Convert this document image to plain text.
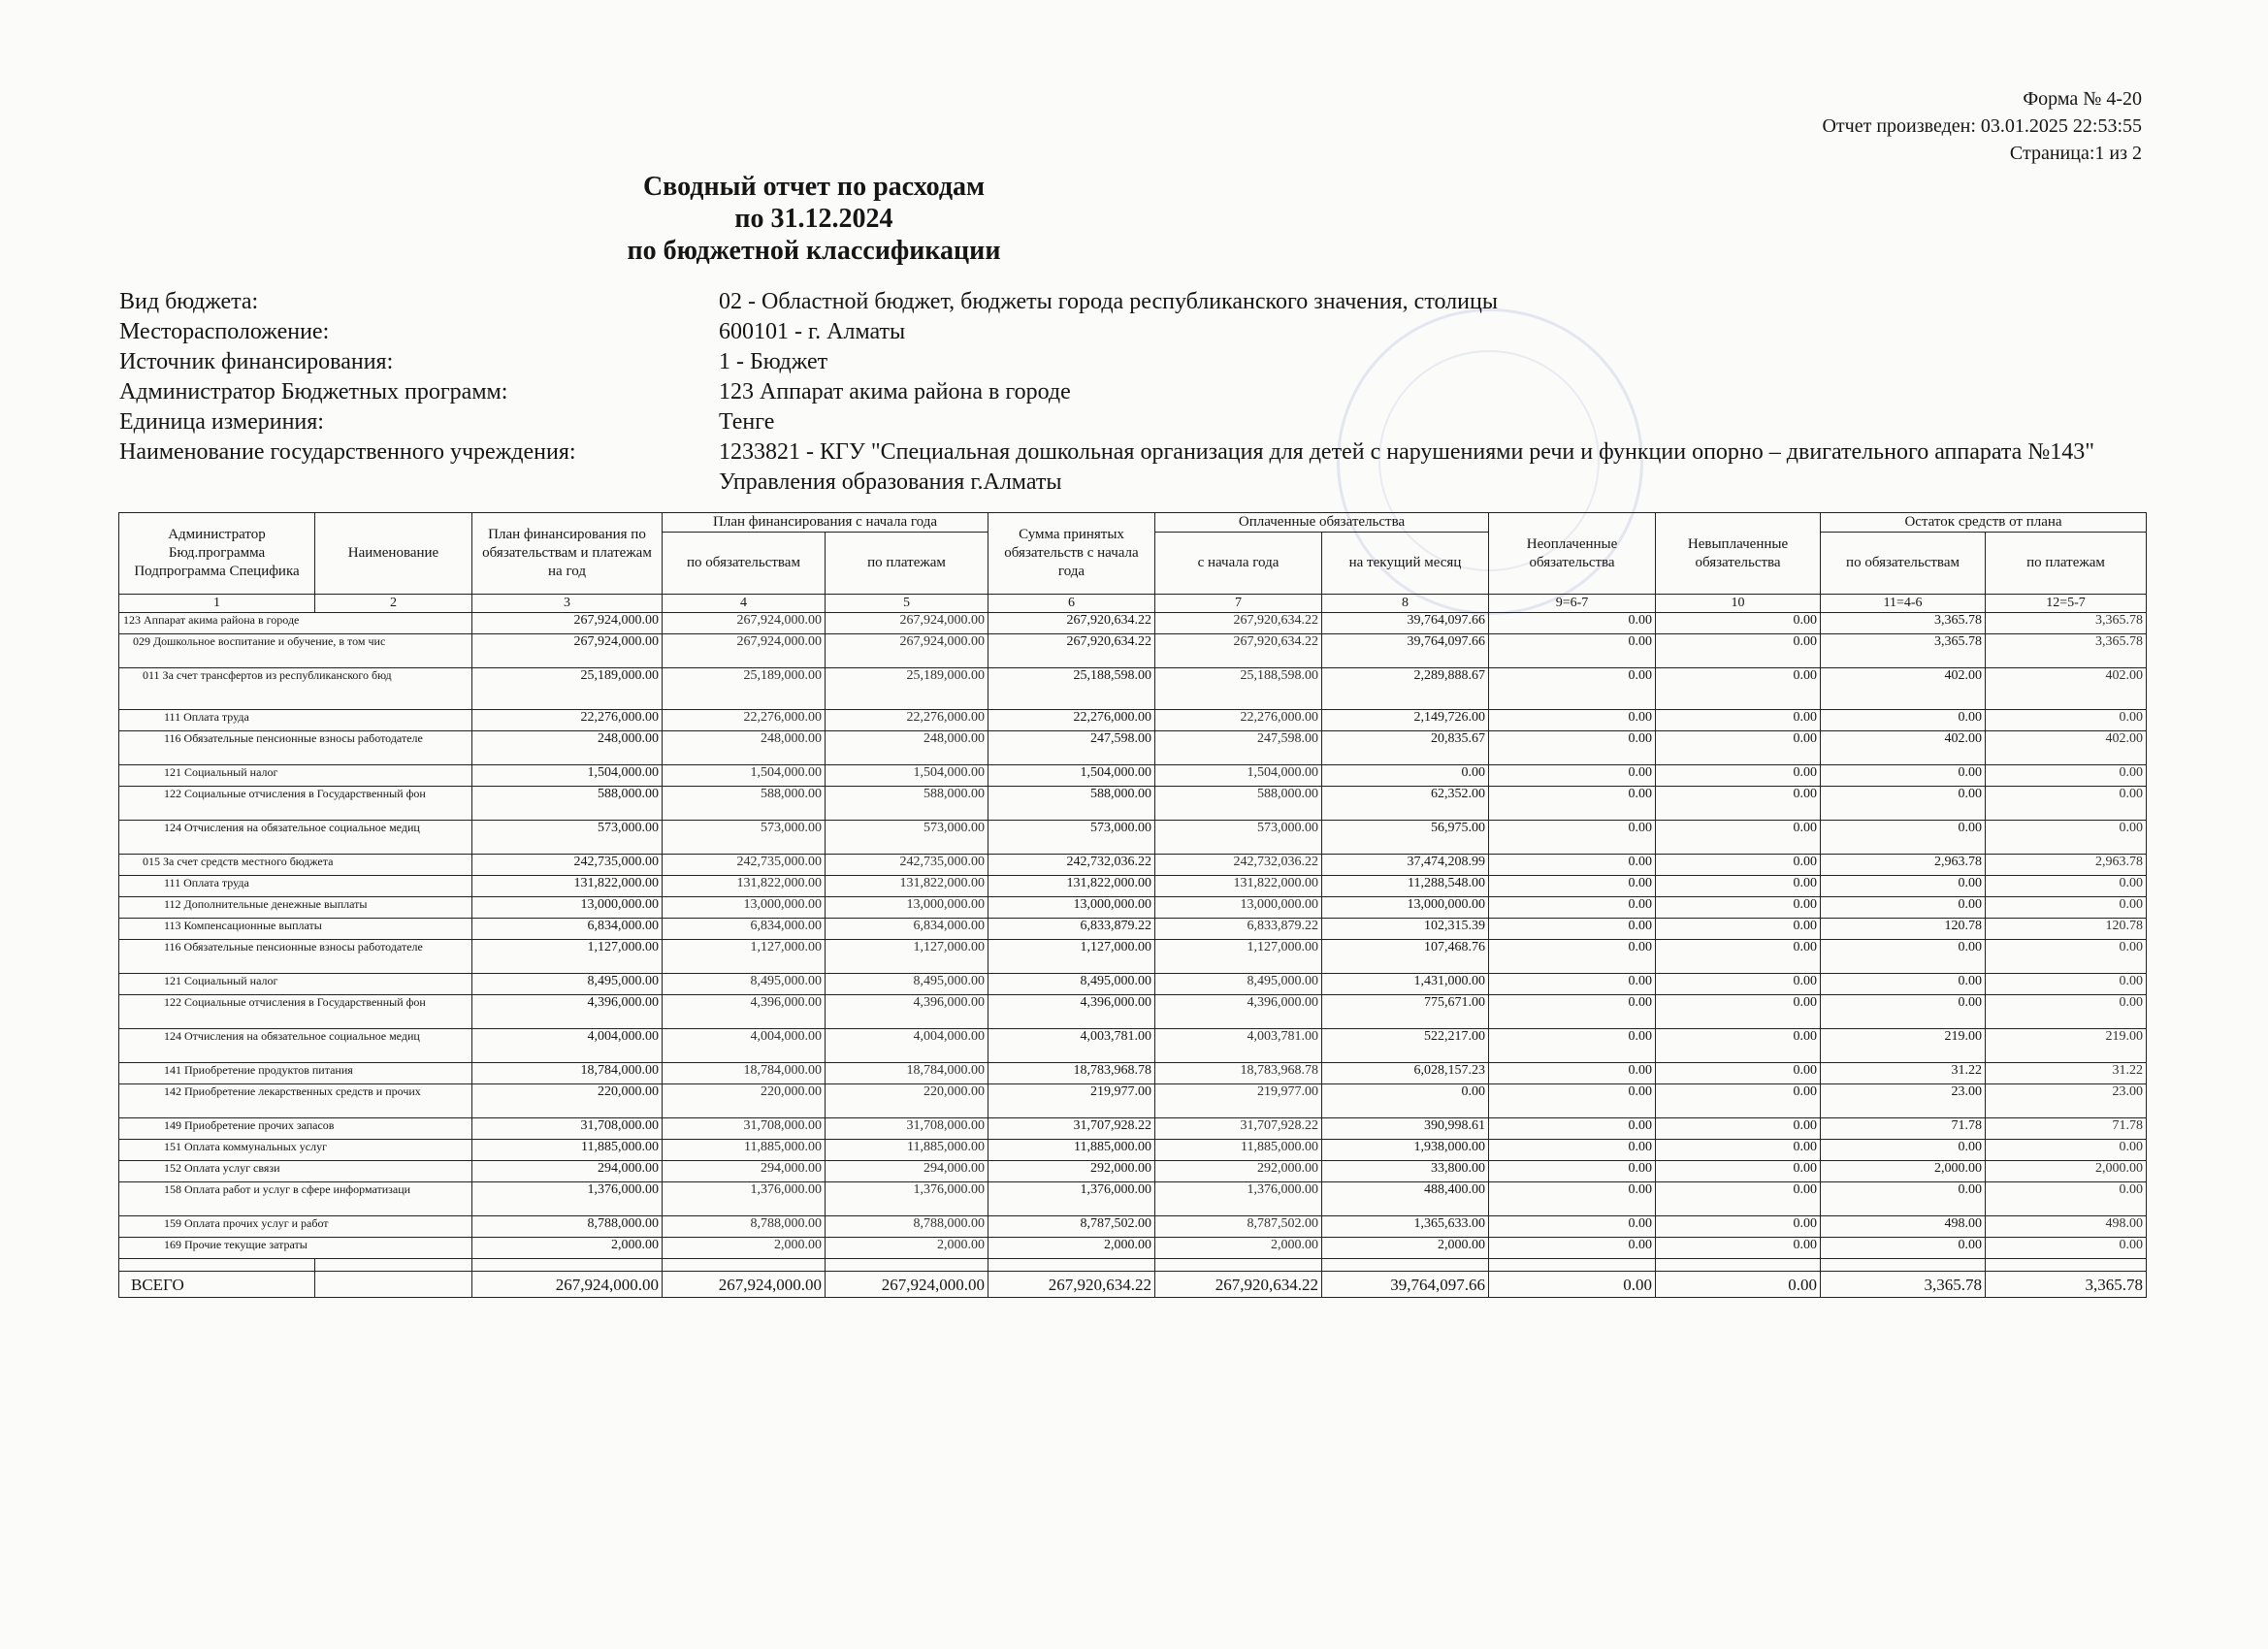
Форма № 4-20
Отчет произведен: 03.01.2025 22:53:55
Страница:1 из 2
Сводный отчет по расходам
по 31.12.2024
по бюджетной классификации
Вид бюджета:	02 - Областной бюджет, бюджеты города республиканского значения, столицы
Месторасположение:	600101 - г. Алматы
Источник финансирования:	1 - Бюджет
Администратор Бюджетных программ:	123 Аппарат акима района в городе
Единица измериния:	Тенге
Наименование государственного учреждения:	1233821 - КГУ "Специальная дошкольная организация для детей с нарушениями речи и функции опорно – двигательного аппарата №143" Управления образования г.Алматы
Администратор Бюд.программа Подпрограмма Специфика	Наименование	План финансирования по обязательствам и платежам на год	План финансирования с начала года		Сумма принятых обязательств с начала года	Оплаченные обязательства		Неоплаченные обязательства	Невыплаченные обязательства	Остаток средств от плана	
			по обязательствам	по платежам		с начала года	на текущий месяц			по обязательствам	по платежам
1	2	3	4	5	6	7	8	9=6-7	10	11=4-6	12=5-7
123 Аппарат акима района в городе		267,924,000.00	267,924,000.00	267,924,000.00	267,920,634.22	267,920,634.22	39,764,097.66	0.00	0.00	3,365.78	3,365.78
029 Дошкольное воспитание и обучение, в том чис		267,924,000.00	267,924,000.00	267,924,000.00	267,920,634.22	267,920,634.22	39,764,097.66	0.00	0.00	3,365.78	3,365.78
011 За счет трансфертов из республиканского бюд		25,189,000.00	25,189,000.00	25,189,000.00	25,188,598.00	25,188,598.00	2,289,888.67	0.00	0.00	402.00	402.00
111 Оплата труда		22,276,000.00	22,276,000.00	22,276,000.00	22,276,000.00	22,276,000.00	2,149,726.00	0.00	0.00	0.00	0.00
116 Обязательные пенсионные взносы работодателе		248,000.00	248,000.00	248,000.00	247,598.00	247,598.00	20,835.67	0.00	0.00	402.00	402.00
121 Социальный налог		1,504,000.00	1,504,000.00	1,504,000.00	1,504,000.00	1,504,000.00	0.00	0.00	0.00	0.00	0.00
122 Социальные отчисления в Государственный фон		588,000.00	588,000.00	588,000.00	588,000.00	588,000.00	62,352.00	0.00	0.00	0.00	0.00
124 Отчисления на обязательное социальное медиц		573,000.00	573,000.00	573,000.00	573,000.00	573,000.00	56,975.00	0.00	0.00	0.00	0.00
015 За счет средств местного бюджета		242,735,000.00	242,735,000.00	242,735,000.00	242,732,036.22	242,732,036.22	37,474,208.99	0.00	0.00	2,963.78	2,963.78
111 Оплата труда		131,822,000.00	131,822,000.00	131,822,000.00	131,822,000.00	131,822,000.00	11,288,548.00	0.00	0.00	0.00	0.00
112 Дополнительные денежные выплаты		13,000,000.00	13,000,000.00	13,000,000.00	13,000,000.00	13,000,000.00	13,000,000.00	0.00	0.00	0.00	0.00
113 Компенсационные выплаты		6,834,000.00	6,834,000.00	6,834,000.00	6,833,879.22	6,833,879.22	102,315.39	0.00	0.00	120.78	120.78
116 Обязательные пенсионные взносы работодателе		1,127,000.00	1,127,000.00	1,127,000.00	1,127,000.00	1,127,000.00	107,468.76	0.00	0.00	0.00	0.00
121 Социальный налог		8,495,000.00	8,495,000.00	8,495,000.00	8,495,000.00	8,495,000.00	1,431,000.00	0.00	0.00	0.00	0.00
122 Социальные отчисления в Государственный фон		4,396,000.00	4,396,000.00	4,396,000.00	4,396,000.00	4,396,000.00	775,671.00	0.00	0.00	0.00	0.00
124 Отчисления на обязательное социальное медиц		4,004,000.00	4,004,000.00	4,004,000.00	4,003,781.00	4,003,781.00	522,217.00	0.00	0.00	219.00	219.00
141 Приобретение продуктов питания		18,784,000.00	18,784,000.00	18,784,000.00	18,783,968.78	18,783,968.78	6,028,157.23	0.00	0.00	31.22	31.22
142 Приобретение лекарственных средств и прочих		220,000.00	220,000.00	220,000.00	219,977.00	219,977.00	0.00	0.00	0.00	23.00	23.00
149 Приобретение прочих запасов		31,708,000.00	31,708,000.00	31,708,000.00	31,707,928.22	31,707,928.22	390,998.61	0.00	0.00	71.78	71.78
151 Оплата коммунальных услуг		11,885,000.00	11,885,000.00	11,885,000.00	11,885,000.00	11,885,000.00	1,938,000.00	0.00	0.00	0.00	0.00
152 Оплата услуг связи		294,000.00	294,000.00	294,000.00	292,000.00	292,000.00	33,800.00	0.00	0.00	2,000.00	2,000.00
158 Оплата работ и услуг в сфере информатизаци		1,376,000.00	1,376,000.00	1,376,000.00	1,376,000.00	1,376,000.00	488,400.00	0.00	0.00	0.00	0.00
159 Оплата прочих услуг и работ		8,788,000.00	8,788,000.00	8,788,000.00	8,787,502.00	8,787,502.00	1,365,633.00	0.00	0.00	498.00	498.00
169 Прочие текущие затраты		2,000.00	2,000.00	2,000.00	2,000.00	2,000.00	2,000.00	0.00	0.00	0.00	0.00

ВСЕГО		267,924,000.00	267,924,000.00	267,924,000.00	267,920,634.22	267,920,634.22	39,764,097.66	0.00	0.00	3,365.78	3,365.78
